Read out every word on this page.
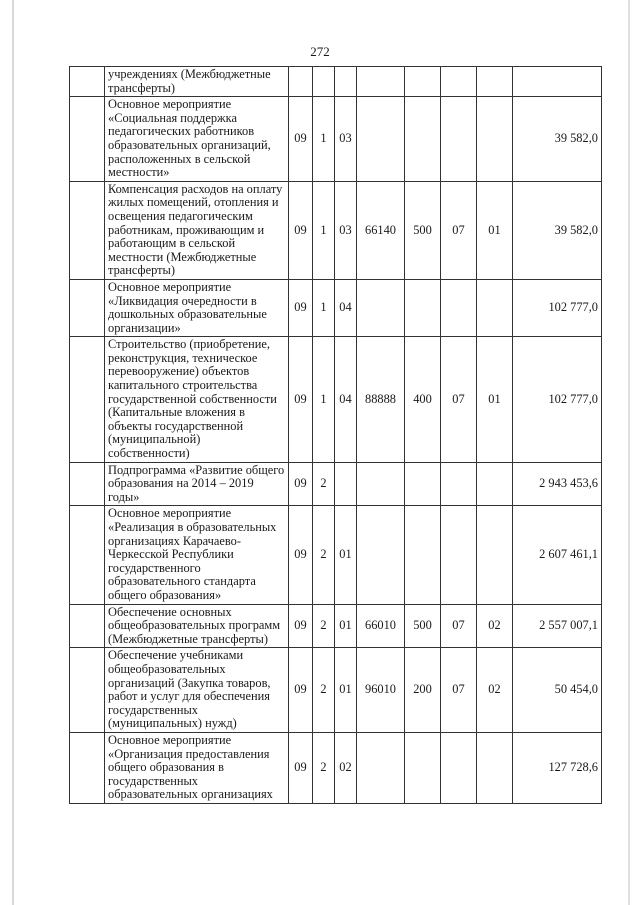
272
	учреждениях (Межбюджетные трансферты)								
	Основное мероприятие «Социальная поддержка педагогических работников образовательных организаций, расположенных в сельской местности»	09	1	03					39 582,0
	Компенсация расходов на оплату жилых помещений, отопления и освещения педагогическим работникам, проживающим и работающим в сельской местности (Межбюджетные трансферты)	09	1	03	66140	500	07	01	39 582,0
	Основное мероприятие «Ликвидация очередности в дошкольных образовательные организации»	09	1	04					102 777,0
	Строительство (приобретение, реконструкция, техническое перевооружение) объектов капитального строительства государственной собственности (Капитальные вложения в объекты государственной (муниципальной) собственности)	09	1	04	88888	400	07	01	102 777,0
	Подпрограмма «Развитие общего образования на 2014 – 2019 годы»	09	2						2 943 453,6
	Основное мероприятие «Реализация в образовательных организациях Карачаево-Черкесской Республики государственного образовательного стандарта общего образования»	09	2	01					2 607 461,1
	Обеспечение основных общеобразовательных программ (Межбюджетные трансферты)	09	2	01	66010	500	07	02	2 557 007,1
	Обеспечение учебниками общеобразовательных организаций (Закупка товаров, работ и услуг для обеспечения государственных (муниципальных) нужд)	09	2	01	96010	200	07	02	50 454,0
	Основное мероприятие «Организация предоставления общего образования в государственных образовательных организациях	09	2	02					127 728,6
